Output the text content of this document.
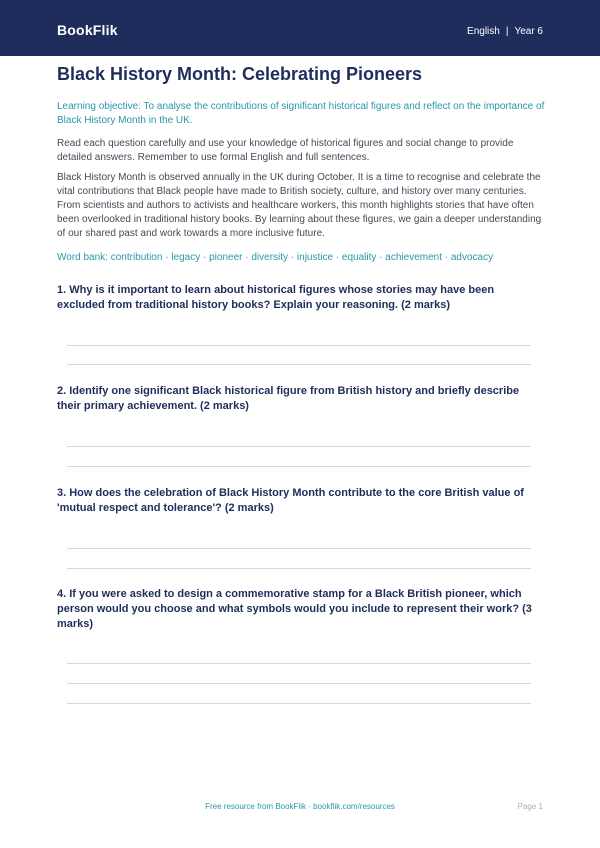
BookFlik	English | Year 6
Black History Month: Celebrating Pioneers
Learning objective: To analyse the contributions of significant historical figures and reflect on the importance of Black History Month in the UK.
Read each question carefully and use your knowledge of historical figures and social change to provide detailed answers. Remember to use formal English and full sentences.
Black History Month is observed annually in the UK during October. It is a time to recognise and celebrate the vital contributions that Black people have made to British society, culture, and history over many centuries. From scientists and authors to activists and healthcare workers, this month highlights stories that have often been overlooked in traditional history books. By learning about these figures, we gain a deeper understanding of our shared past and work towards a more inclusive future.
Word bank: contribution · legacy · pioneer · diversity · injustice · equality · achievement · advocacy
1. Why is it important to learn about historical figures whose stories may have been excluded from traditional history books? Explain your reasoning. (2 marks)
2. Identify one significant Black historical figure from British history and briefly describe their primary achievement. (2 marks)
3. How does the celebration of Black History Month contribute to the core British value of 'mutual respect and tolerance'? (2 marks)
4. If you were asked to design a commemorative stamp for a Black British pioneer, which person would you choose and what symbols would you include to represent their work? (3 marks)
Free resource from BookFlik · bookflik.com/resources	Page 1
